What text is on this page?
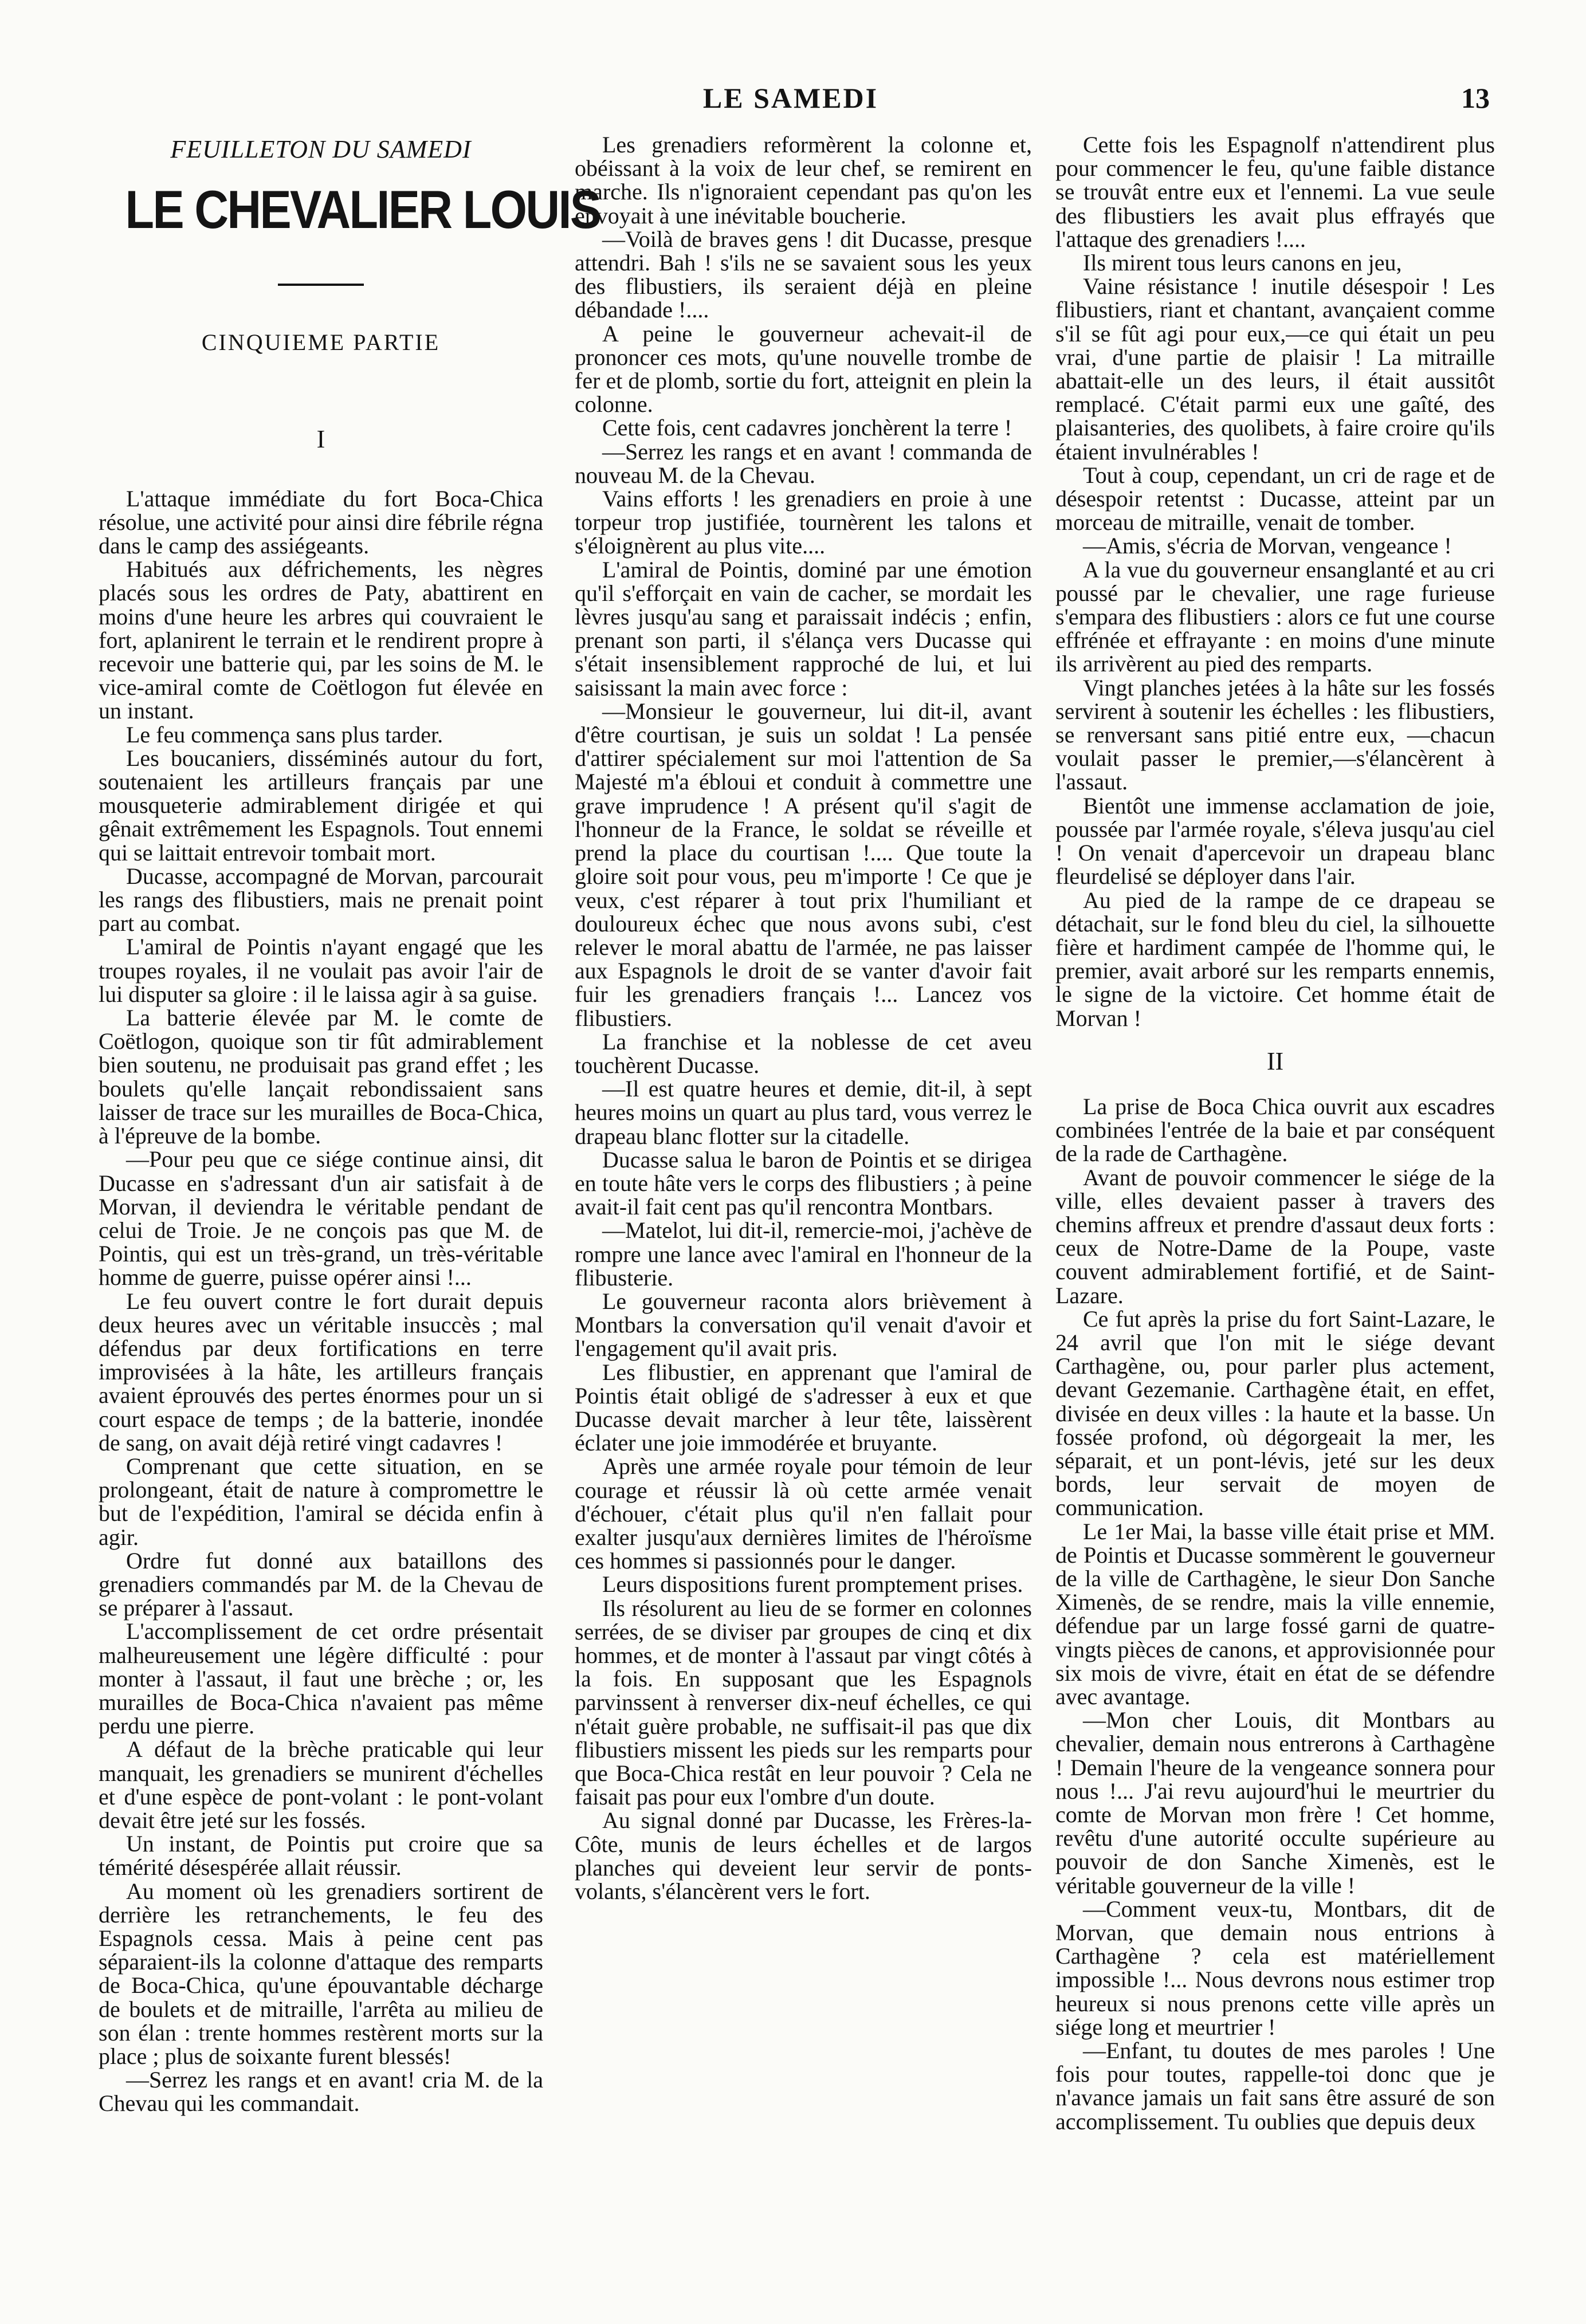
LE SAMEDI	13
FEUILLETON DU SAMEDI
LE CHEVALIER LOUIS
CINQUIEME PARTIE
I

L'attaque immédiate du fort Boca-Chica résolue, une activité pour ainsi dire fébrile régna dans le camp des assiégeants.

Habitués aux défrichements, les nègres placés sous les ordres de Paty, abattirent en moins d'une heure les arbres qui couvraient le fort, aplanirent le terrain et le rendirent propre à recevoir une batterie qui, par les soins de M. le vice-amiral comte de Coëtlogon fut élevée en un instant.

Le feu commença sans plus tarder.

Les boucaniers, disséminés autour du fort, soutenaient les artilleurs français par une mousqueterie admirablement dirigée et qui gênait extrêmement les Espagnols. Tout ennemi qui se laittait entrevoir tombait mort.

Ducasse, accompagné de Morvan, parcourait les rangs des flibustiers, mais ne prenait point part au combat.

L'amiral de Pointis n'ayant engagé que les troupes royales, il ne voulait pas avoir l'air de lui disputer sa gloire : il le laissa agir à sa guise.

La batterie élevée par M. le comte de Coëtlogon, quoique son tir fût admirablement bien soutenu, ne produisait pas grand effet ; les boulets qu'elle lançait rebondissaient sans laisser de trace sur les murailles de Boca-Chica, à l'épreuve de la bombe.

—Pour peu que ce siége continue ainsi, dit Ducasse en s'adressant d'un air satisfait à de Morvan, il deviendra le véritable pendant de celui de Troie. Je ne conçois pas que M. de Pointis, qui est un très-grand, un très-véritable homme de guerre, puisse opérer ainsi !...

Le feu ouvert contre le fort durait depuis deux heures avec un véritable insuccès ; mal défendus par deux fortifications en terre improvisées à la hâte, les artilleurs français avaient éprouvés des pertes énormes pour un si court espace de temps ; de la batterie, inondée de sang, on avait déjà retiré vingt cadavres !

Comprenant que cette situation, en se prolongeant, était de nature à compromettre le but de l'expédition, l'amiral se décida enfin à agir.

Ordre fut donné aux bataillons des grenadiers commandés par M. de la Chevau de se préparer à l'assaut.

L'accomplissement de cet ordre présentait malheureusement une légère difficulté : pour monter à l'assaut, il faut une brèche ; or, les murailles de Boca-Chica n'avaient pas même perdu une pierre.

A défaut de la brèche praticable qui leur manquait, les grenadiers se munirent d'échelles et d'une espèce de pont-volant : le pont-volant devait être jeté sur les fossés.

Un instant, de Pointis put croire que sa témérité désespérée allait réussir.

Au moment où les grenadiers sortirent de derrière les retranchements, le feu des Espagnols cessa. Mais à peine cent pas séparaient-ils la colonne d'attaque des remparts de Boca-Chica, qu'une épouvantable décharge de boulets et de mitraille, l'arrêta au milieu de son élan : trente hommes restèrent morts sur la place ; plus de soixante furent blessés!

—Serrez les rangs et en avant! cria M. de la Chevau qui les commandait.

Les grenadiers reformèrent la colonne et, obéissant à la voix de leur chef, se remirent en marche. Ils n'ignoraient cependant pas qu'on les envoyait à une inévitable boucherie.

—Voilà de braves gens ! dit Ducasse, presque attendri. Bah ! s'ils ne se savaient sous les yeux des flibustiers, ils seraient déjà en pleine débandade !....

A peine le gouverneur achevait-il de prononcer ces mots, qu'une nouvelle trombe de fer et de plomb, sortie du fort, atteignit en plein la colonne.

Cette fois, cent cadavres jonchèrent la terre !

—Serrez les rangs et en avant ! commanda de nouveau M. de la Chevau.

Vains efforts ! les grenadiers en proie à une torpeur trop justifiée, tournèrent les talons et s'éloignèrent au plus vite....

L'amiral de Pointis, dominé par une émotion qu'il s'efforçait en vain de cacher, se mordait les lèvres jusqu'au sang et paraissait indécis ; enfin, prenant son parti, il s'élança vers Ducasse qui s'était insensiblement rapproché de lui, et lui saisissant la main avec force :

—Monsieur le gouverneur, lui dit-il, avant d'être courtisan, je suis un soldat ! La pensée d'attirer spécialement sur moi l'attention de Sa Majesté m'a ébloui et conduit à commettre une grave imprudence ! A présent qu'il s'agit de l'honneur de la France, le soldat se réveille et prend la place du courtisan !.... Que toute la gloire soit pour vous, peu m'importe ! Ce que je veux, c'est réparer à tout prix l'humiliant et douloureux échec que nous avons subi, c'est relever le moral abattu de l'armée, ne pas laisser aux Espagnols le droit de se vanter d'avoir fait fuir les grenadiers français !... Lancez vos flibustiers.

La franchise et la noblesse de cet aveu touchèrent Ducasse.

—Il est quatre heures et demie, dit-il, à sept heures moins un quart au plus tard, vous verrez le drapeau blanc flotter sur la citadelle.

Ducasse salua le baron de Pointis et se dirigea en toute hâte vers le corps des flibustiers ; à peine avait-il fait cent pas qu'il rencontra Montbars.

—Matelot, lui dit-il, remercie-moi, j'achève de rompre une lance avec l'amiral en l'honneur de la flibusterie.

Le gouverneur raconta alors brièvement à Montbars la conversation qu'il venait d'avoir et l'engagement qu'il avait pris.

Les flibustier, en apprenant que l'amiral de Pointis était obligé de s'adresser à eux et que Ducasse devait marcher à leur tête, laissèrent éclater une joie immodérée et bruyante.

Après une armée royale pour témoin de leur courage et réussir là où cette armée venait d'échouer, c'était plus qu'il n'en fallait pour exalter jusqu'aux dernières limites de l'héroïsme ces hommes si passionnés pour le danger.

Leurs dispositions furent promptement prises.

Ils résolurent au lieu de se former en colonnes serrées, de se diviser par groupes de cinq et dix hommes, et de monter à l'assaut par vingt côtés à la fois. En supposant que les Espagnols parvinssent à renverser dix-neuf échelles, ce qui n'était guère probable, ne suffisait-il pas que dix flibustiers missent les pieds sur les remparts pour que Boca-Chica restât en leur pouvoir ? Cela ne faisait pas pour eux l'ombre d'un doute.

Au signal donné par Ducasse, les Frères-la-Côte, munis de leurs échelles et de largos planches qui deveient leur servir de ponts-volants, s'élancèrent vers le fort.

Cette fois les Espagnolf n'attendirent plus pour commencer le feu, qu'une faible distance se trouvât entre eux et l'ennemi. La vue seule des flibustiers les avait plus effrayés que l'attaque des grenadiers !....

Ils mirent tous leurs canons en jeu,

Vaine résistance ! inutile désespoir ! Les flibustiers, riant et chantant, avançaient comme s'il se fût agi pour eux,—ce qui était un peu vrai, d'une partie de plaisir ! La mitraille abattait-elle un des leurs, il était aussitôt remplacé. C'était parmi eux une gaîté, des plaisanteries, des quolibets, à faire croire qu'ils étaient invulnérables !

Tout à coup, cependant, un cri de rage et de désespoir retentst : Ducasse, atteint par un morceau de mitraille, venait de tomber.

—Amis, s'écria de Morvan, vengeance !

A la vue du gouverneur ensanglanté et au cri poussé par le chevalier, une rage furieuse s'empara des flibustiers : alors ce fut une course effrénée et effrayante : en moins d'une minute ils arrivèrent au pied des remparts.

Vingt planches jetées à la hâte sur les fossés servirent à soutenir les échelles : les flibustiers, se renversant sans pitié entre eux, —chacun voulait passer le premier,—s'élancèrent à l'assaut.

Bientôt une immense acclamation de joie, poussée par l'armée royale, s'éleva jusqu'au ciel ! On venait d'apercevoir un drapeau blanc fleurdelisé se déployer dans l'air.

Au pied de la rampe de ce drapeau se détachait, sur le fond bleu du ciel, la silhouette fière et hardiment campée de l'homme qui, le premier, avait arboré sur les remparts ennemis, le signe de la victoire. Cet homme était de Morvan !

II

La prise de Boca Chica ouvrit aux escadres combinées l'entrée de la baie et par conséquent de la rade de Carthagène.

Avant de pouvoir commencer le siége de la ville, elles devaient passer à travers des chemins affreux et prendre d'assaut deux forts : ceux de Notre-Dame de la Poupe, vaste couvent admirablement fortifié, et de Saint-Lazare.

Ce fut après la prise du fort Saint-Lazare, le 24 avril que l'on mit le siége devant Carthagène, ou, pour parler plus actement, devant Gezemanie. Carthagène était, en effet, divisée en deux villes : la haute et la basse. Un fossée profond, où dégorgeait la mer, les séparait, et un pont-lévis, jeté sur les deux bords, leur servait de moyen de communication.

Le 1er Mai, la basse ville était prise et MM. de Pointis et Ducasse sommèrent le gouverneur de la ville de Carthagène, le sieur Don Sanche Ximenès, de se rendre, mais la ville ennemie, défendue par un large fossé garni de quatre-vingts pièces de canons, et approvisionnée pour six mois de vivre, était en état de se défendre avec avantage.

—Mon cher Louis, dit Montbars au chevalier, demain nous entrerons à Carthagène ! Demain l'heure de la vengeance sonnera pour nous !... J'ai revu aujourd'hui le meurtrier du comte de Morvan mon frère ! Cet homme, revêtu d'une autorité occulte supérieure au pouvoir de don Sanche Ximenès, est le véritable gouverneur de la ville !

—Comment veux-tu, Montbars, dit de Morvan, que demain nous entrions à Carthagène ? cela est matériellement impossible !... Nous devrons nous estimer trop heureux si nous prenons cette ville après un siége long et meurtrier !

—Enfant, tu doutes de mes paroles ! Une fois pour toutes, rappelle-toi donc que je n'avance jamais un fait sans être assuré de son accomplissement. Tu oublies que depuis deux
